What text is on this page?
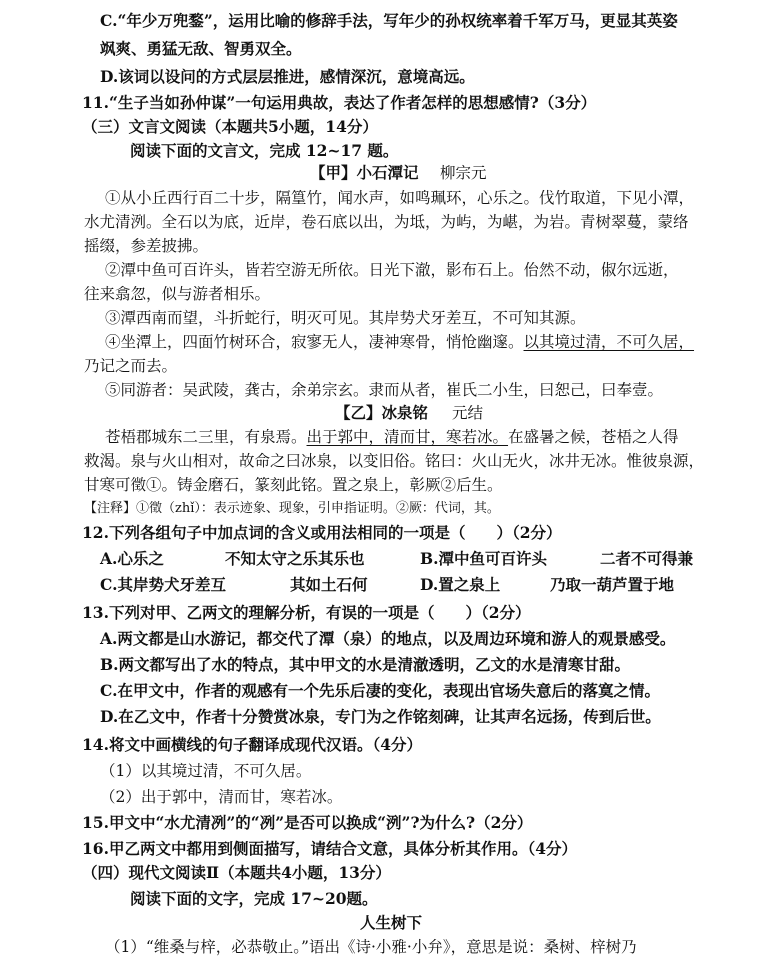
C.“年少万兜鍪”，运用比喻的修辞手法，写年少的孙权统率着千军万马，更显其英姿
飒爽、勇猛无敌、智勇双全。
D.该词以设问的方式层层推进，感情深沉，意境高远。
11.“生子当如孙仲谋”一句运用典故，表达了作者怎样的思想感情?（3分）
（三）文言文阅读（本题共5小题，14分）
阅读下面的文言文，完成 12~17 题。
【甲】小石潭记 柳宗元
①从小丘西行百二十步，隔篁竹，闻水声，如鸣珮环，心乐之。伐竹取道，下见小潭，
水尤清洌。全石以为底，近岸，卷石底以出，为坻，为屿，为嵁，为岩。青树翠蔓，蒙络
摇缀，参差披拂。
②潭中鱼可百许头，皆若空游无所依。日光下澈，影布石上。佁然不动，俶尔远逝，
往来翕忽，似与游者相乐。
③潭西南而望，斗折蛇行，明灭可见。其岸势犬牙差互，不可知其源。
④坐潭上，四面竹树环合，寂寥无人，凄神寒骨，悄怆幽邃。以其境过清，不可久居，
乃记之而去。
⑤同游者：吴武陵，龚古，余弟宗玄。隶而从者，崔氏二小生，曰恕己，曰奉壹。
【乙】冰泉铭 元结
苍梧郡城东二三里，有泉焉。出于郭中，清而甘，寒若冰。在盛暑之候，苍梧之人得
救渴。泉与火山相对，故命之曰冰泉，以变旧俗。铭曰：火山无火，冰井无冰。惟彼泉源，
甘寒可徵①。铸金磨石，篆刻此铭。置之泉上，彰厥②后生。
【注释】①徵（zhǐ）：表示迹象、现象，引申指证明。②厥：代词，其。
12.下列各组句子中加点词的含义或用法相同的一项是（　　）（2分）
A.心乐之	不知太守之乐其乐也	B.潭中鱼可百许头	二者不可得兼
C.其岸势犬牙差互	其如土石何	D.置之泉上	乃取一葫芦置于地
13.下列对甲、乙两文的理解分析，有误的一项是（　　）（2分）
A.两文都是山水游记，都交代了潭（泉）的地点，以及周边环境和游人的观景感受。
B.两文都写出了水的特点，其中甲文的水是清澈透明，乙文的水是清寒甘甜。
C.在甲文中，作者的观感有一个先乐后凄的变化，表现出官场失意后的落寞之情。
D.在乙文中，作者十分赞赏冰泉，专门为之作铭刻碑，让其声名远扬，传到后世。
14.将文中画横线的句子翻译成现代汉语。（4分）
（1）以其境过清，不可久居。
（2）出于郭中，清而甘，寒若冰。
15.甲文中“水尤清冽”的“冽”是否可以换成“洌”?为什么?（2分）
16.甲乙两文中都用到侧面描写，请结合文意，具体分析其作用。（4分）
（四）现代文阅读Ⅱ（本题共4小题，13分）
阅读下面的文字，完成 17~20题。
人生树下
（1）“维桑与梓，必恭敬止。”语出《诗·小雅·小弁》，意思是说：桑树、梓树乃
